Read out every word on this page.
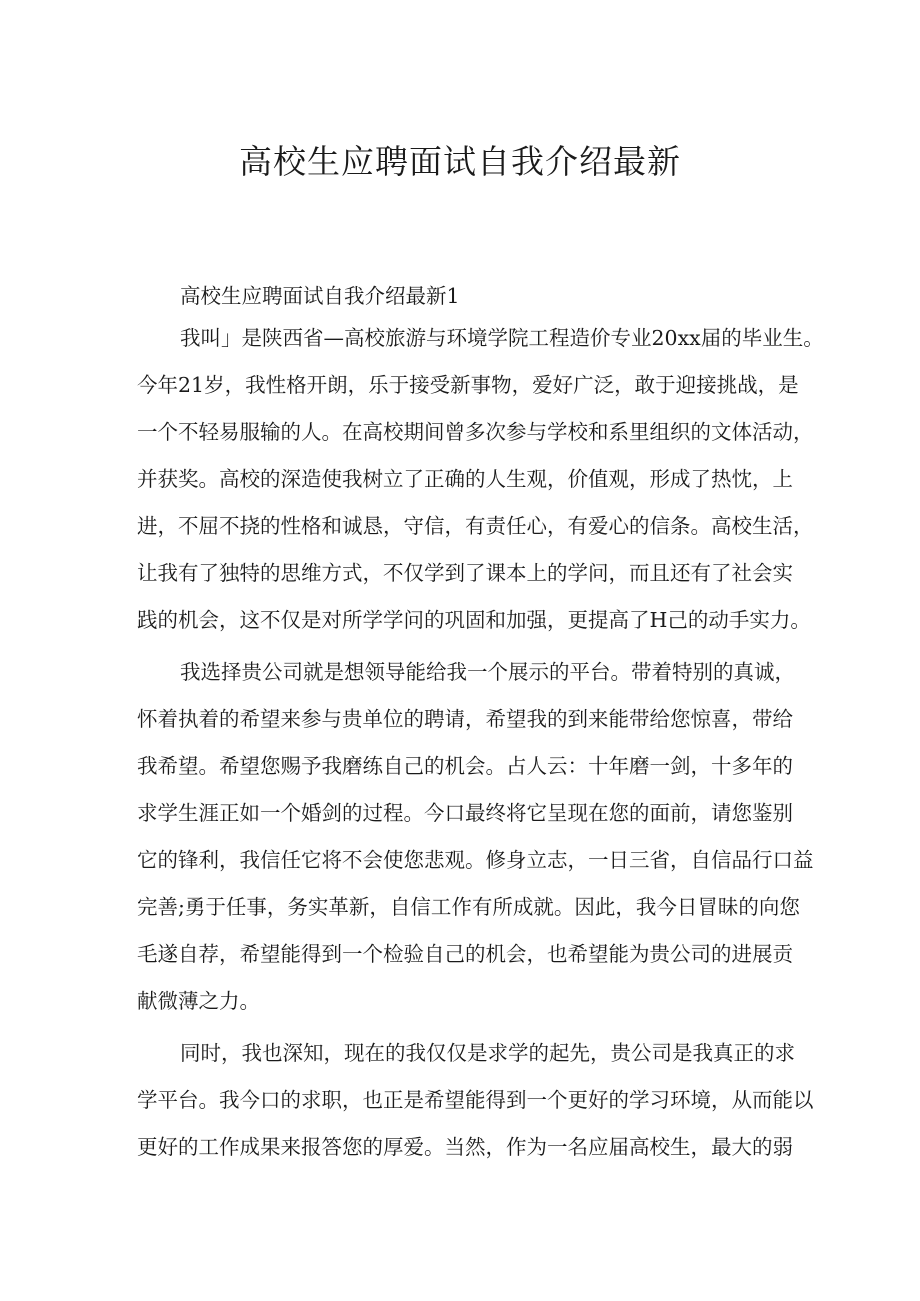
高校生应聘面试自我介绍最新

高校生应聘面试自我介绍最新1

我叫」是陕西省—高校旅游与环境学院工程造价专业20xx届的毕业生。

今年21岁，我性格开朗，乐于接受新事物，爱好广泛，敢于迎接挑战，是

一个不轻易服输的人。在高校期间曾多次参与学校和系里组织的文体活动，

并获奖。高校的深造使我树立了正确的人生观，价值观，形成了热忱，上

进，不屈不挠的性格和诚恳，守信，有责任心，有爱心的信条。高校生活，

让我有了独特的思维方式，不仅学到了课本上的学问，而且还有了社会实

践的机会，这不仅是对所学学问的巩固和加强，更提高了H己的动手实力。

我选择贵公司就是想领导能给我一个展示的平台。带着特别的真诚，

怀着执着的希望来参与贵单位的聘请，希望我的到来能带给您惊喜，带给

我希望。希望您赐予我磨练自己的机会。占人云：十年磨一剑，十多年的

求学生涯正如一个婚剑的过程。今口最终将它呈现在您的面前，请您鉴别

它的锋利，我信任它将不会使您悲观。修身立志，一日三省，自信品行口益

完善;勇于任事，务实革新，自信工作有所成就。因此，我今日冒昧的向您

毛遂自荐，希望能得到一个检验自己的机会，也希望能为贵公司的进展贡

献微薄之力。

同时，我也深知，现在的我仅仅是求学的起先，贵公司是我真正的求

学平台。我今口的求职，也正是希望能得到一个更好的学习环境，从而能以

更好的工作成果来报答您的厚爱。当然，作为一名应届高校生，最大的弱
